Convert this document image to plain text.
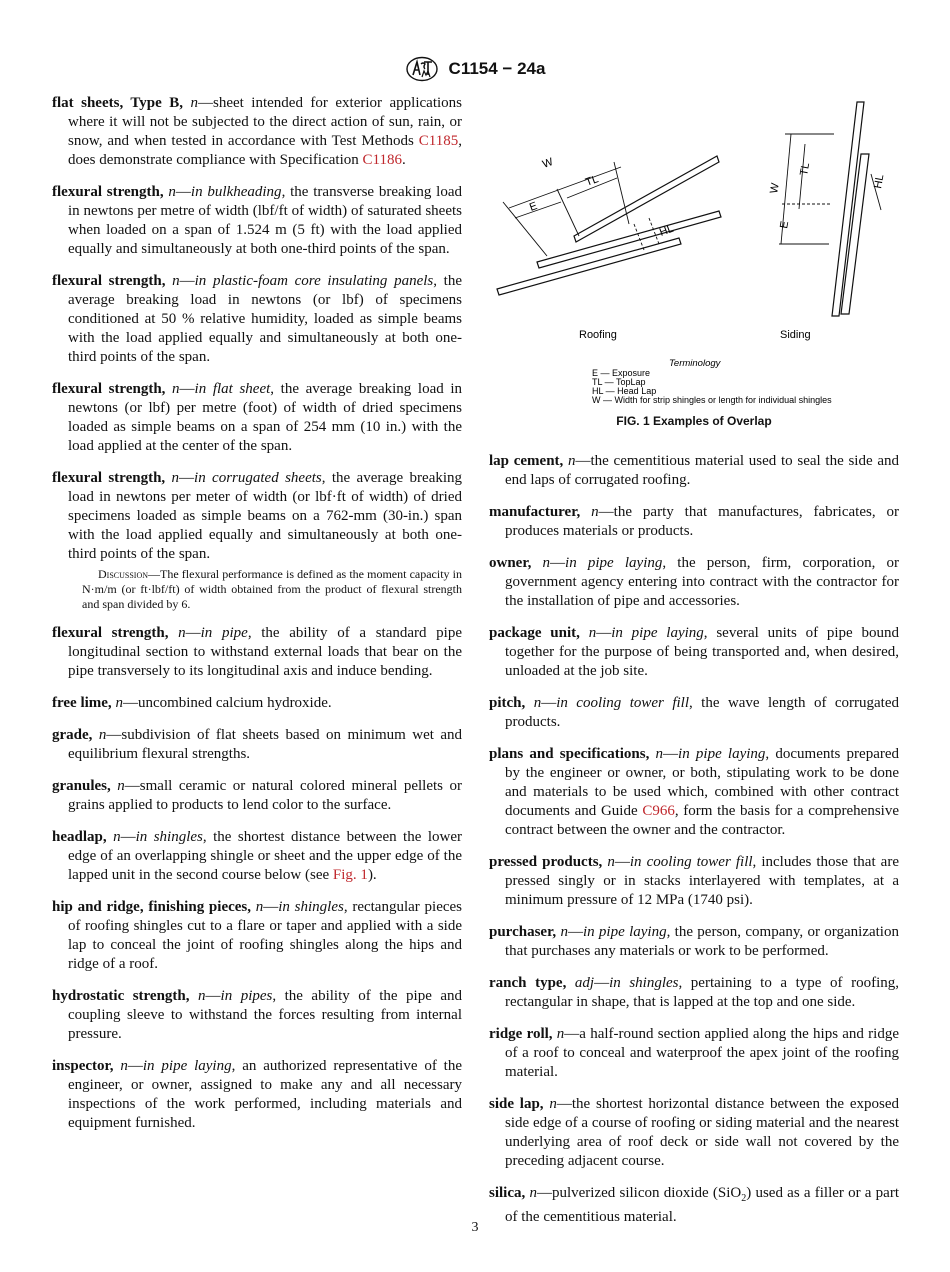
C1154 − 24a

flat sheets, Type B, n—sheet intended for exterior applications where it will not be subjected to the direct action of sun, rain, or snow, and when tested in accordance with Test Methods C1185, does demonstrate compliance with Specification C1186.

flexural strength, n—in bulkheading, the transverse breaking load in newtons per metre of width (lbf/ft of width) of saturated sheets when loaded on a span of 1.524 m (5 ft) with the load applied equally and simultaneously at both one-third points of the span.

flexural strength, n—in plastic-foam core insulating panels, the average breaking load in newtons (or lbf) of specimens conditioned at 50 % relative humidity, loaded as simple beams with the load applied equally and simultaneously at both one-third points of the span.

flexural strength, n—in flat sheet, the average breaking load in newtons (or lbf) per metre (foot) of width of dried specimens loaded as simple beams on a span of 254 mm (10 in.) with the load applied at the center of the span.

flexural strength, n—in corrugated sheets, the average breaking load in newtons per meter of width (or lbf·ft of width) of dried specimens loaded as simple beams on a 762-mm (30-in.) span with the load applied equally and simultaneously at both one-third points of the span.

Discussion—The flexural performance is defined as the moment capacity in N·m/m (or ft·lbf/ft) of width obtained from the product of flexural strength and span divided by 6.

flexural strength, n—in pipe, the ability of a standard pipe longitudinal section to withstand external loads that bear on the pipe transversely to its longitudinal axis and induce bending.

free lime, n—uncombined calcium hydroxide.

grade, n—subdivision of flat sheets based on minimum wet and equilibrium flexural strengths.

granules, n—small ceramic or natural colored mineral pellets or grains applied to products to lend color to the surface.

headlap, n—in shingles, the shortest distance between the lower edge of an overlapping shingle or sheet and the upper edge of the lapped unit in the second course below (see Fig. 1).

hip and ridge, finishing pieces, n—in shingles, rectangular pieces of roofing shingles cut to a flare or taper and applied with a side lap to conceal the joint of roofing shingles along the hips and ridge of a roof.

hydrostatic strength, n—in pipes, the ability of the pipe and coupling sleeve to withstand the forces resulting from internal pressure.

inspector, n—in pipe laying, an authorized representative of the engineer, or owner, assigned to make any and all necessary inspections of the work performed, including materials and equipment furnished.

W
E
TL
HL
W
TL
E
HL
Roofing	Siding
Terminology
E — Exposure
TL — TopLap
HL — Head Lap
W — Width for strip shingles or length for individual shingles
FIG. 1 Examples of Overlap

lap cement, n—the cementitious material used to seal the side and end laps of corrugated roofing.

manufacturer, n—the party that manufactures, fabricates, or produces materials or products.

owner, n—in pipe laying, the person, firm, corporation, or government agency entering into contract with the contractor for the installation of pipe and accessories.

package unit, n—in pipe laying, several units of pipe bound together for the purpose of being transported and, when desired, unloaded at the job site.

pitch, n—in cooling tower fill, the wave length of corrugated products.

plans and specifications, n—in pipe laying, documents prepared by the engineer or owner, or both, stipulating work to be done and materials to be used which, combined with other contract documents and Guide C966, form the basis for a comprehensive contract between the owner and the contractor.

pressed products, n—in cooling tower fill, includes those that are pressed singly or in stacks interlayered with templates, at a minimum pressure of 12 MPa (1740 psi).

purchaser, n—in pipe laying, the person, company, or organization that purchases any materials or work to be performed.

ranch type, adj—in shingles, pertaining to a type of roofing, rectangular in shape, that is lapped at the top and one side.

ridge roll, n—a half-round section applied along the hips and ridge of a roof to conceal and waterproof the apex joint of the roofing material.

side lap, n—the shortest horizontal distance between the exposed side edge of a course of roofing or siding material and the nearest underlying area of roof deck or side wall not covered by the preceding adjacent course.

silica, n—pulverized silicon dioxide (SiO$_2$) used as a filler or a part of the cementitious material.

3
